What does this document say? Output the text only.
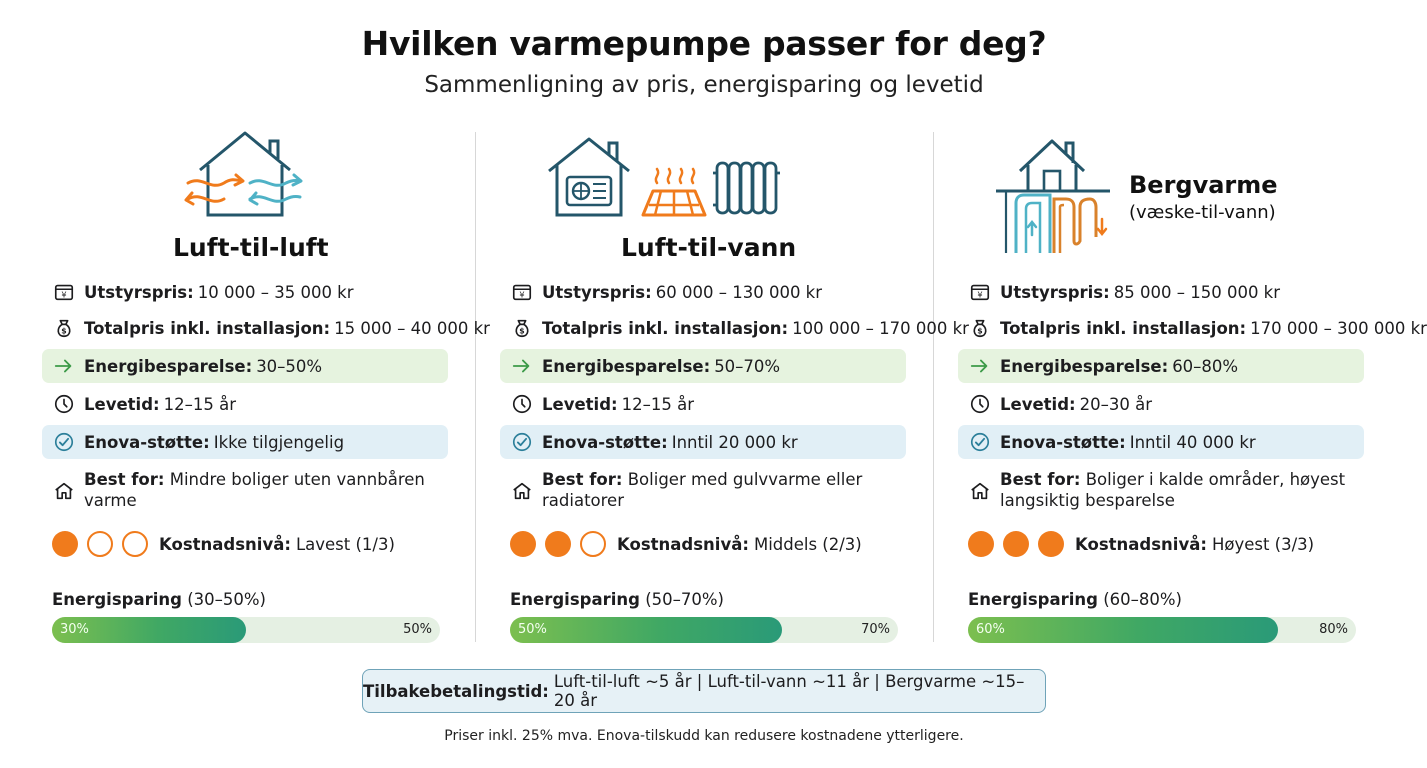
Hvilken varmepumpe passer for deg?
Sammenligning av pris, energisparing og levetid
Luft-til-luft
Utstyrspris: 10 000 – 35 000 kr
Totalpris inkl. installasjon: 15 000 – 40 000 kr
Energibesparelse: 30–50%
Levetid: 12–15 år
Enova-støtte: Ikke tilgjengelig
Best for: Mindre boliger uten vannbåren varme
Kostnadsnivå: Lavest (1/3)
Energisparing (30–50%)
30%	50%
Luft-til-vann
Utstyrspris: 60 000 – 130 000 kr
Totalpris inkl. installasjon: 100 000 – 170 000 kr
Energibesparelse: 50–70%
Levetid: 12–15 år
Enova-støtte: Inntil 20 000 kr
Best for: Boliger med gulvvarme eller radiatorer
Kostnadsnivå: Middels (2/3)
Energisparing (50–70%)
50%	70%
Bergvarme
(væske-til-vann)
Utstyrspris: 85 000 – 150 000 kr
Totalpris inkl. installasjon: 170 000 – 300 000 kr
Energibesparelse: 60–80%
Levetid: 20–30 år
Enova-støtte: Inntil 40 000 kr
Best for: Boliger i kalde områder, høyest langsiktig besparelse
Kostnadsnivå: Høyest (3/3)
Energisparing (60–80%)
60%	80%
Tilbakebetalingstid: Luft-til-luft ~5 år | Luft-til-vann ~11 år | Bergvarme ~15–20 år
Priser inkl. 25% mva. Enova-tilskudd kan redusere kostnadene ytterligere.
